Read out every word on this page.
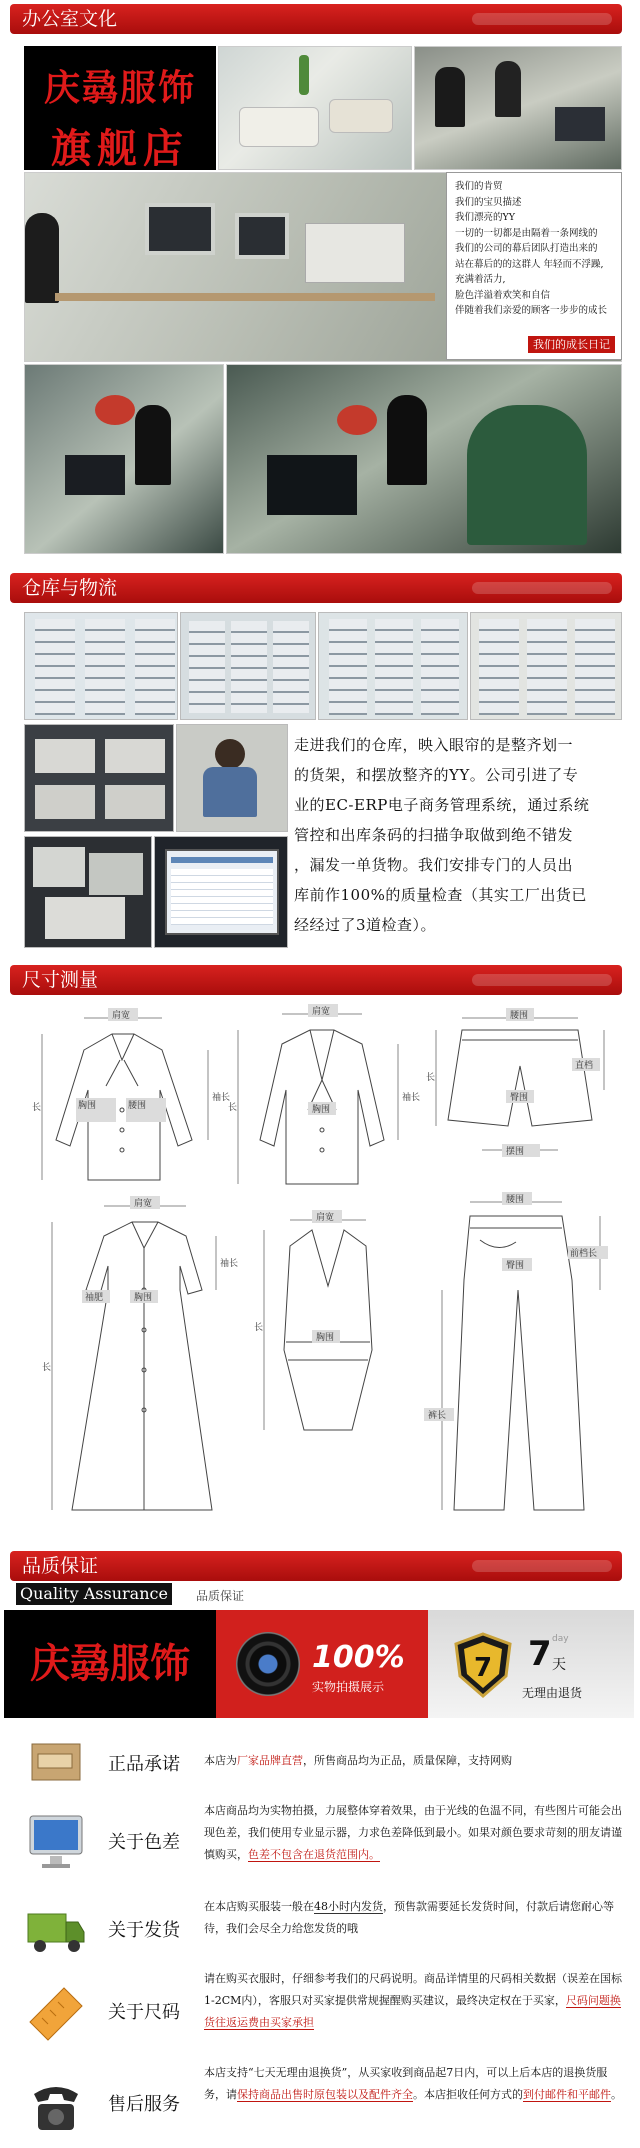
办公室文化
庆骉服饰
旗舰店
我们的肯贸
我们的宝贝描述
我们漂亮的YY
一切的一切都是由隔着一条网线的
我们的公司的幕后团队打造出来的
站在幕后的的这群人 年轻而不浮躁,
充满着活力,
脸色洋溢着欢笑和自信
伴随着我们亲爱的顾客一步步的成长
我们的成长日记
仓库与物流
走进我们的仓库，映入眼帘的是整齐划一
的货架，和摆放整齐的YY。公司引进了专
业的EC-ERP电子商务管理系统，通过系统
管控和出库条码的扫描争取做到绝不错发
，漏发一单货物。我们安排专门的人员出
库前作100%的质量检查（其实工厂出货已
经经过了3道检查）。
尺寸测量
肩宽
长
袖长
胸围	腰围
肩宽
长
袖长
胸围
腰围
长
直档
臀围
摆围
肩宽
长
袖长
袖肥	胸围
肩宽
长
胸围
腰围
臀围
前档长
裤长
品质保证
Quality Assurance	品质保证
庆骉服饰	100%
实物拍摄展示
7 7 day
天
无理由退货
正品承诺 本店为厂家品牌直营，所售商品均为正品，质量保障，支持网购
关于色差
本店商品均为实物拍摄，力展整体穿着效果，由于光线的色温不同，有些图片可能会出现色差，我们使用专业显示器，力求色差降低到最小。如果对颜色要求苛刻的朋友请谨慎购买，色差不包含在退货范围内。
关于发货
在本店购买服装一般在48小时内发货，预售款需要延长发货时间，付款后请您耐心等待，我们会尽全力给您发货的哦
关于尺码
请在购买衣服时，仔细参考我们的尺码说明。商品详情里的尺码相关数据（误差在国标1-2CM内），客服只对买家提供常规握醒购买建议，最终决定权在于买家，尺码问题换货往返运费由买家承担
售后服务
本店支持“七天无理由退换货”，从买家收到商品起7日内，可以上后本店的退换货服务，请保持商品出售时原包装以及配件齐全。本店拒收任何方式的到付邮件和平邮件。
